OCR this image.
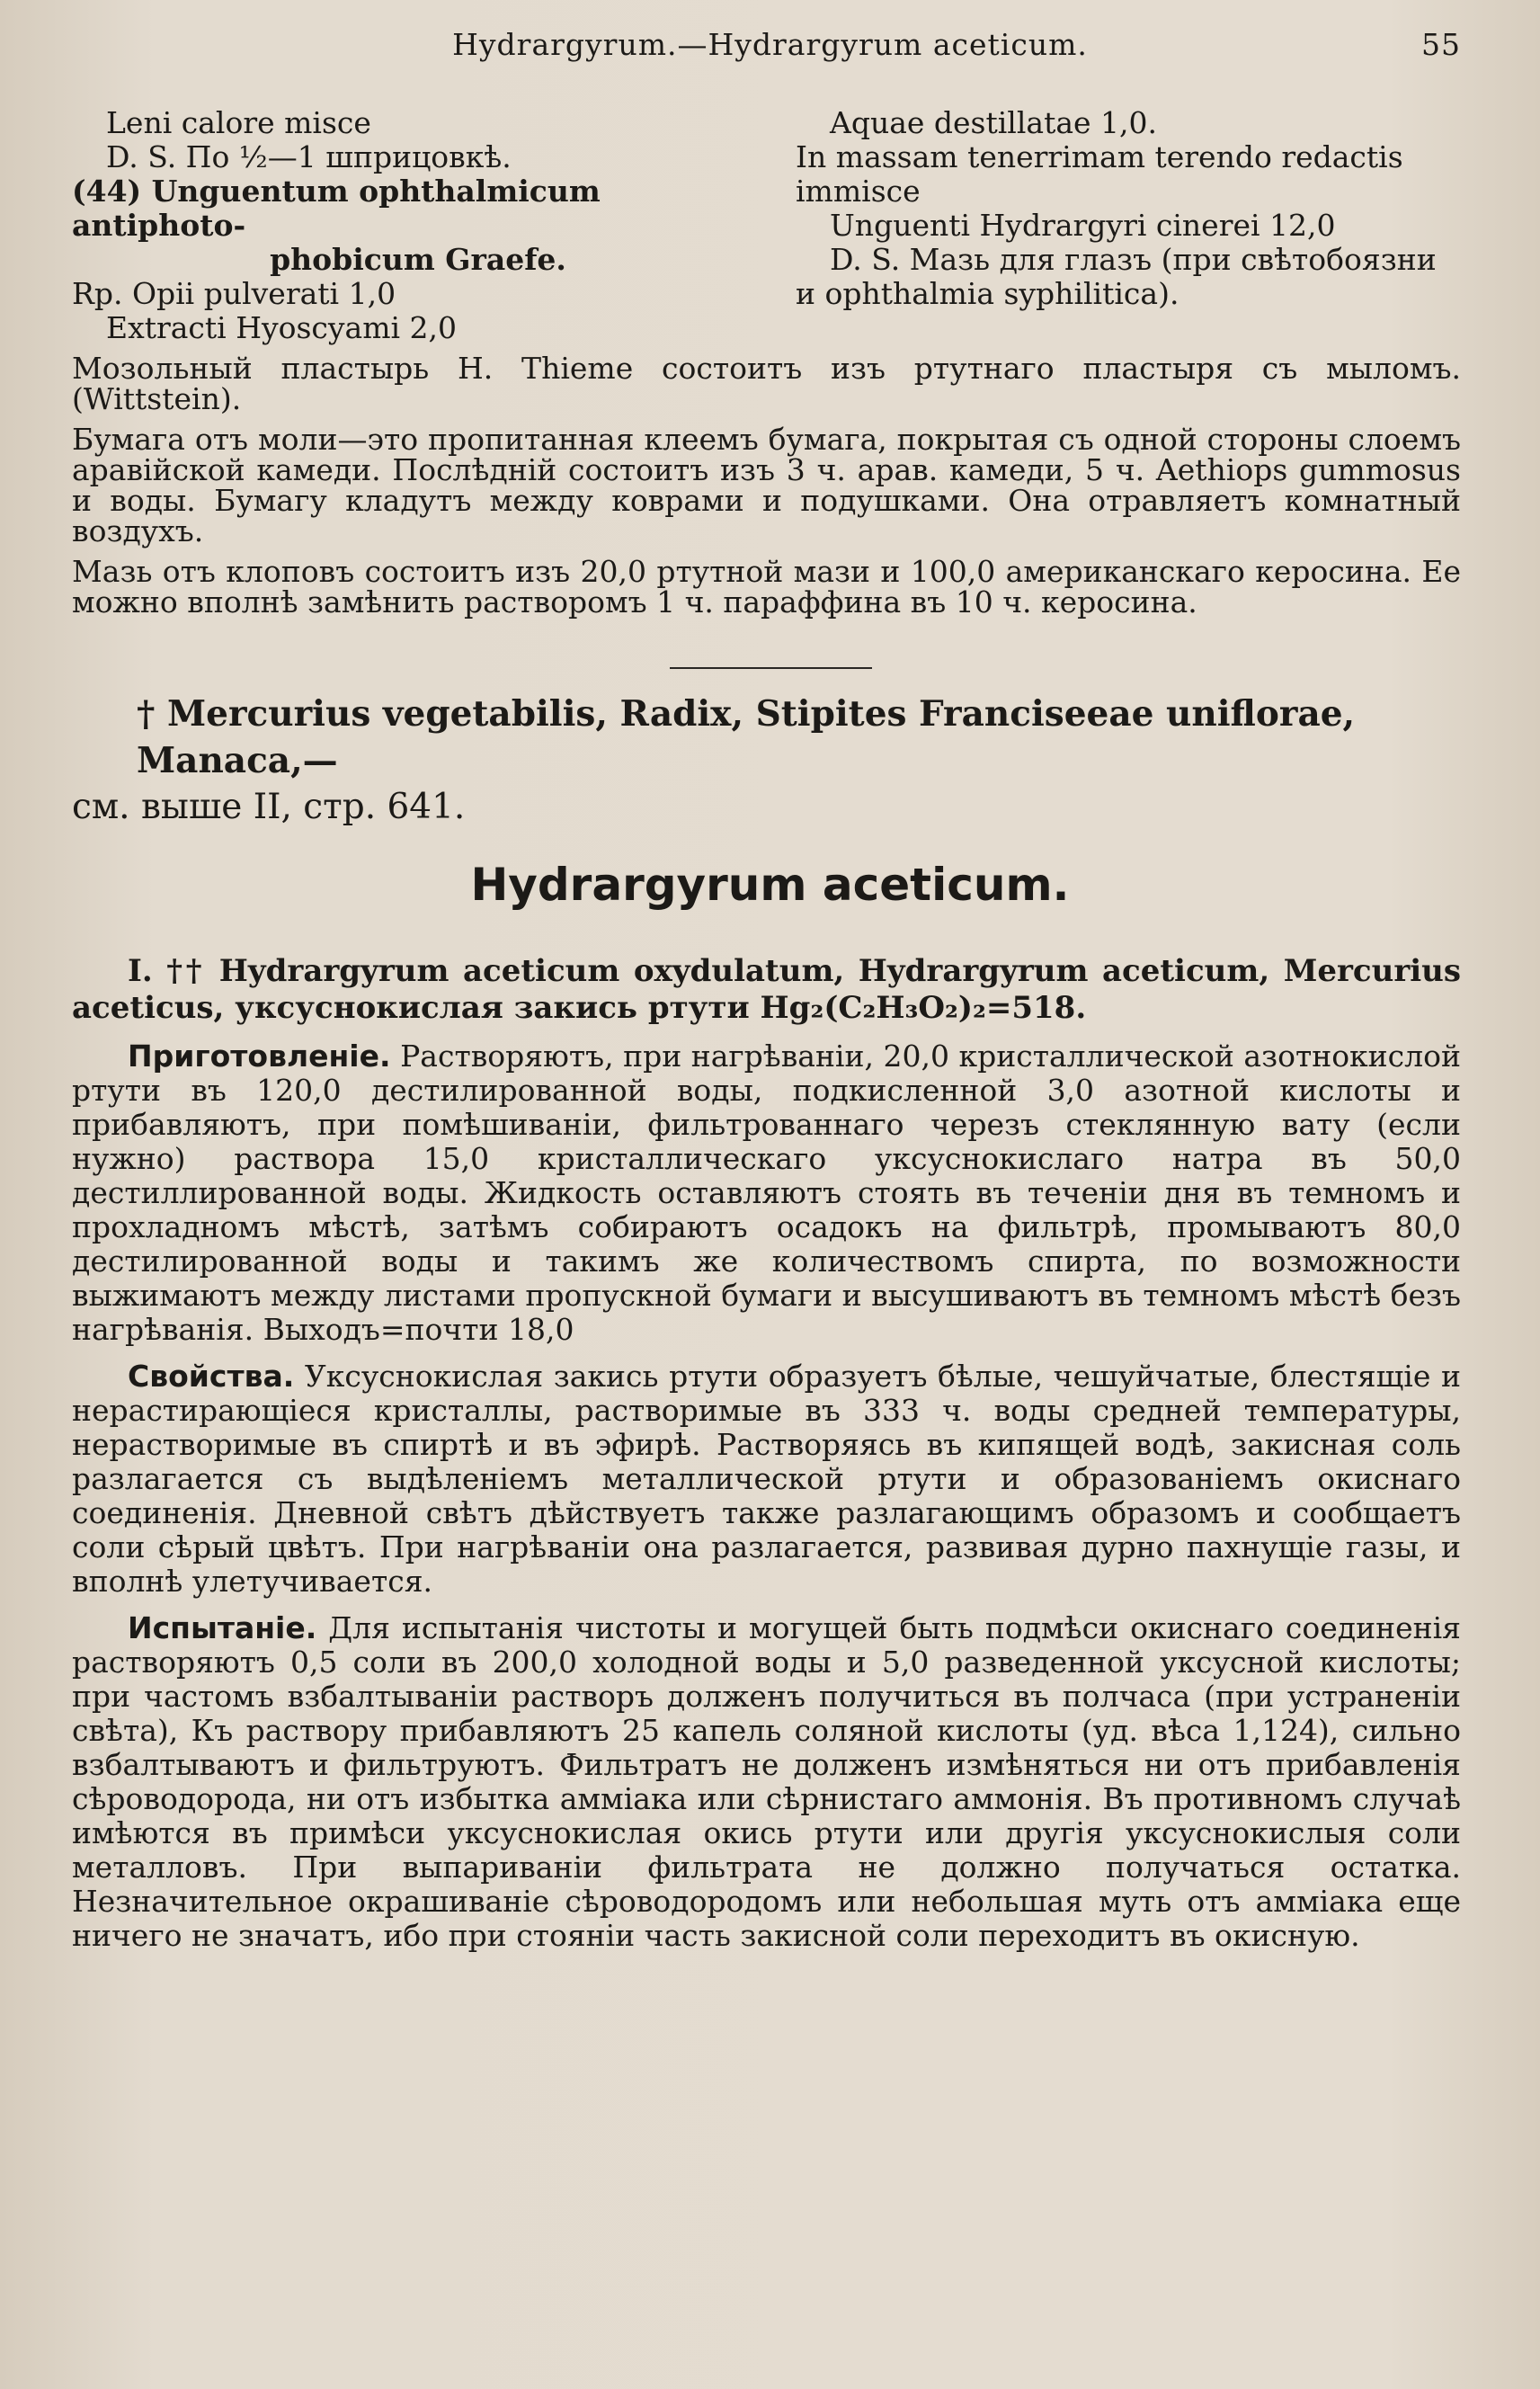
Hydrargyrum.—Hydrargyrum aceticum.	55
Leni calore misce
D. S. По ½—1 шприцовкѣ.
(44) Unguentum ophthalmicum antiphoto-
phobicum Graefe.
Rp. Opii pulverati 1,0
Extracti Hyoscyami 2,0
Aquae destillatae 1,0.
In massam tenerrimam terendo redactis
immisce
Unguenti Hydrargyri cinerei 12,0
D. S. Мазь для глазъ (при свѣтобоязни
и ophthalmia syphilitica).

Мозольный пластырь H. Thieme состоитъ изъ ртутнаго пластыря съ мыломъ. (Wittstein).

Бумага отъ моли—это пропитанная клеемъ бумага, покрытая съ одной стороны слоемъ аравійской камеди. Послѣдній состоитъ изъ 3 ч. арав. камеди, 5 ч. Aethiops gummosus и воды. Бумагу кладутъ между коврами и подушками. Она отравляетъ комнатный воздухъ.

Мазь отъ клоповъ состоитъ изъ 20,0 ртутной мази и 100,0 американскаго керосина. Ее можно вполнѣ замѣнить растворомъ 1 ч. параффина въ 10 ч. керосина.

† Mercurius vegetabilis, Radix, Stipites Franciseeae uniflorae, Manaca,—
см. выше II, стр. 641.
Hydrargyrum aceticum.

I. †† Hydrargyrum aceticum oxydulatum, Hydrargyrum aceticum, Mercurius aceticus, уксуснокислая закись ртути Hg₂(C₂H₃O₂)₂=518.

Приготовленіе. Растворяютъ, при нагрѣваніи, 20,0 кристаллической азотнокислой ртути въ 120,0 дестилированной воды, подкисленной 3,0 азотной кислоты и прибавляютъ, при помѣшиваніи, фильтрованнаго черезъ стеклянную вату (если нужно) раствора 15,0 кристаллическаго уксуснокислаго натра въ 50,0 дестиллированной воды. Жидкость оставляютъ стоять въ теченіи дня въ темномъ и прохладномъ мѣстѣ, затѣмъ собираютъ осадокъ на фильтрѣ, промываютъ 80,0 дестилированной воды и такимъ же количествомъ спирта, по возможности выжимаютъ между листами пропускной бумаги и высушиваютъ въ темномъ мѣстѣ безъ нагрѣванія. Выходъ=почти 18,0

Свойства. Уксуснокислая закись ртути образуетъ бѣлые, чешуйчатые, блестящіе и нерастирающіеся кристаллы, растворимые въ 333 ч. воды средней температуры, нерастворимые въ спиртѣ и въ эфирѣ. Растворяясь въ кипящей водѣ, закисная соль разлагается съ выдѣленіемъ металлической ртути и образованіемъ окиснаго соединенія. Дневной свѣтъ дѣйствуетъ также разлагающимъ образомъ и сообщаетъ соли сѣрый цвѣтъ. При нагрѣваніи она разлагается, развивая дурно пахнущіе газы, и вполнѣ улетучивается.

Испытаніе. Для испытанія чистоты и могущей быть подмѣси окиснаго соединенія растворяютъ 0,5 соли въ 200,0 холодной воды и 5,0 разведенной уксусной кислоты; при частомъ взбалтываніи растворъ долженъ получиться въ полчаса (при устраненіи свѣта), Къ раствору прибавляютъ 25 капель соляной кислоты (уд. вѣса 1,124), сильно взбалтываютъ и фильтруютъ. Фильтратъ не долженъ измѣняться ни отъ прибавленія сѣроводорода, ни отъ избытка амміака или сѣрнистаго аммонія. Въ противномъ случаѣ имѣются въ примѣси уксуснокислая окись ртути или другія уксуснокислыя соли металловъ. При выпариваніи фильтрата не должно получаться остатка. Незначительное окрашиваніе сѣроводородомъ или небольшая муть отъ амміака еще ничего не значатъ, ибо при стояніи часть закисной соли переходитъ въ окисную.
